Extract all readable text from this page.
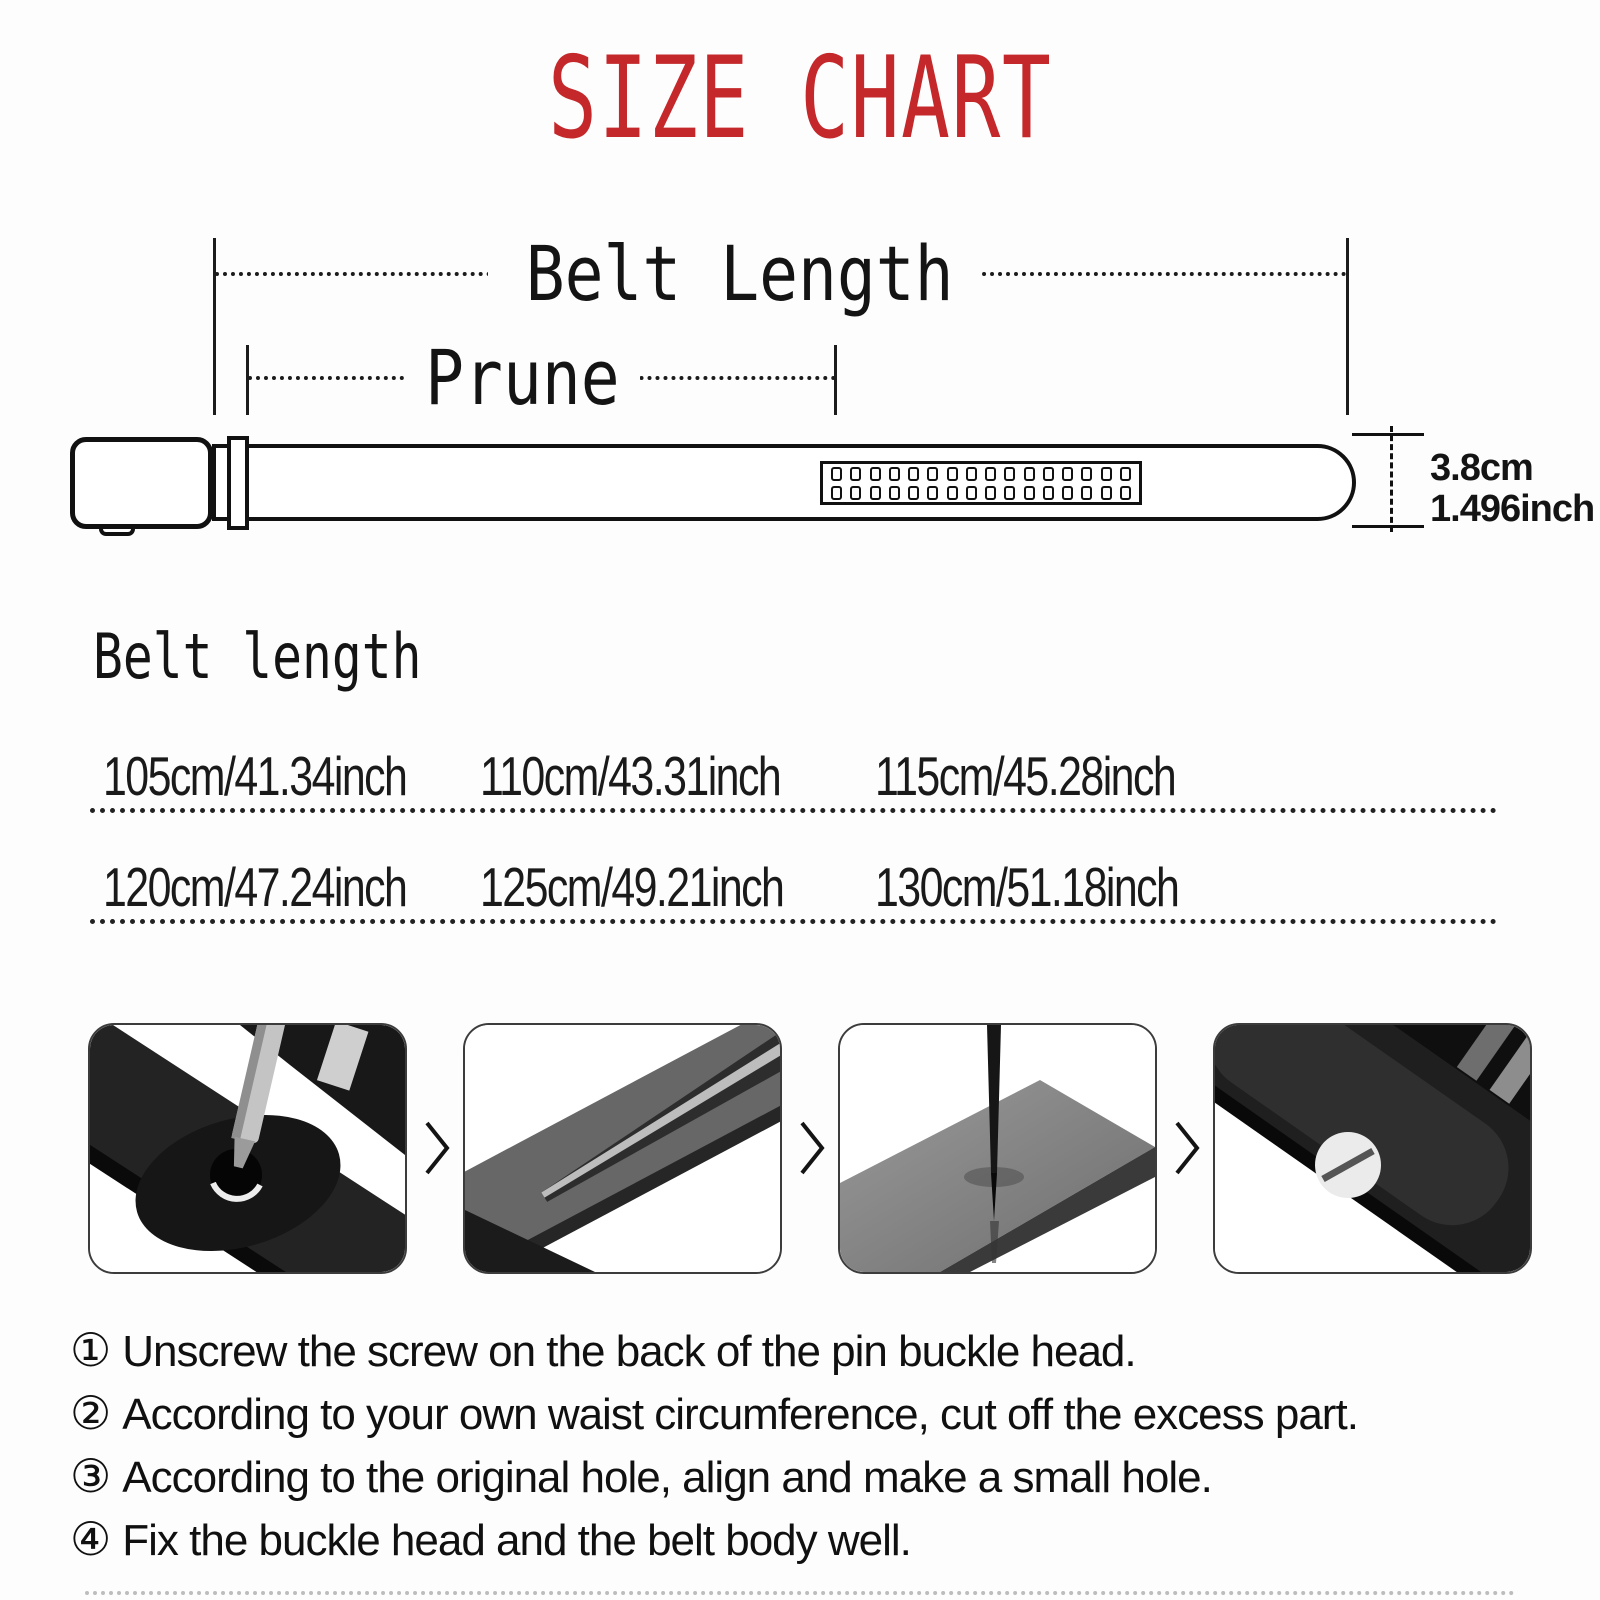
SIZE CHART
Belt Length
Prune
3.8cm
1.496inch
Belt length
105cm/41.34inch 110cm/43.31inch 115cm/45.28inch
120cm/47.24inch 125cm/49.21inch 130cm/51.18inch
① Unscrew the screw on the back of the pin buckle head.
② According to your own waist circumference, cut off the excess part.
③ According to the original hole, align and make a small hole.
④ Fix the buckle head and the belt body well.
